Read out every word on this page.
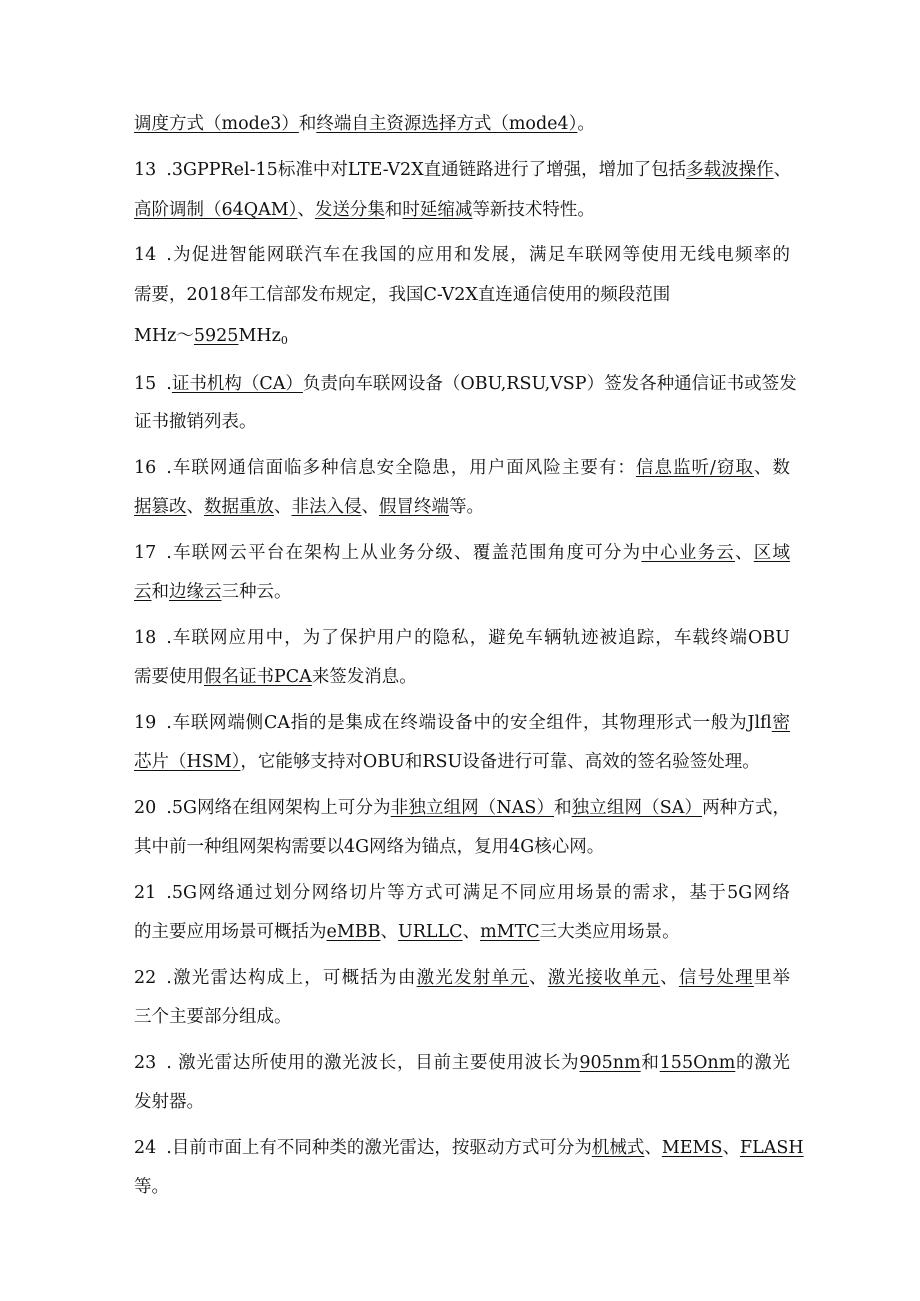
调度方式（mode3）和终端自主资源选择方式（mode4）。
13 .3GPPRel-15标准中对LTE-V2X直通链路进行了增强，增加了包括多载波操作、
高阶调制（64QAM）、发送分集和时延缩减等新技术特性。
14 .为促进智能网联汽车在我国的应用和发展，满足车联网等使用无线电频率的
需要，2018年工信部发布规定，我国C-V2X直连通信使用的频段范围
MHz～5925MHz$_0$
15 .证书机构（CA）负责向车联网设备（OBU,RSU,VSP）签发各种通信证书或签发
证书撤销列表。
16 .车联网通信面临多种信息安全隐患，用户面风险主要有：信息监听/窃取、数
据篡改、数据重放、非法入侵、假冒终端等。
17 .车联网云平台在架构上从业务分级、覆盖范围角度可分为中心业务云、区域
云和边缘云三种云。
18 .车联网应用中，为了保护用户的隐私，避免车辆轨迹被追踪，车载终端OBU
需要使用假名证书PCA来签发消息。
19 .车联网端侧CA指的是集成在终端设备中的安全组件，其物理形式一般为Jlfl密
芯片（HSM），它能够支持对OBU和RSU设备进行可靠、高效的签名验签处理。
20 .5G网络在组网架构上可分为非独立组网（NAS）和独立组网（SA）两种方式，
其中前一种组网架构需要以4G网络为锚点，复用4G核心网。
21 .5G网络通过划分网络切片等方式可满足不同应用场景的需求，基于5G网络
的主要应用场景可概括为eMBB、URLLC、mMTC三大类应用场景。
22 .激光雷达构成上，可概括为由激光发射单元、激光接收单元、信号处理里举
三个主要部分组成。
23 . 激光雷达所使用的激光波长，目前主要使用波长为905nm和155Onm的激光
发射器。
24 .目前市面上有不同种类的激光雷达，按驱动方式可分为机械式、MEMS、FLASH
等。
